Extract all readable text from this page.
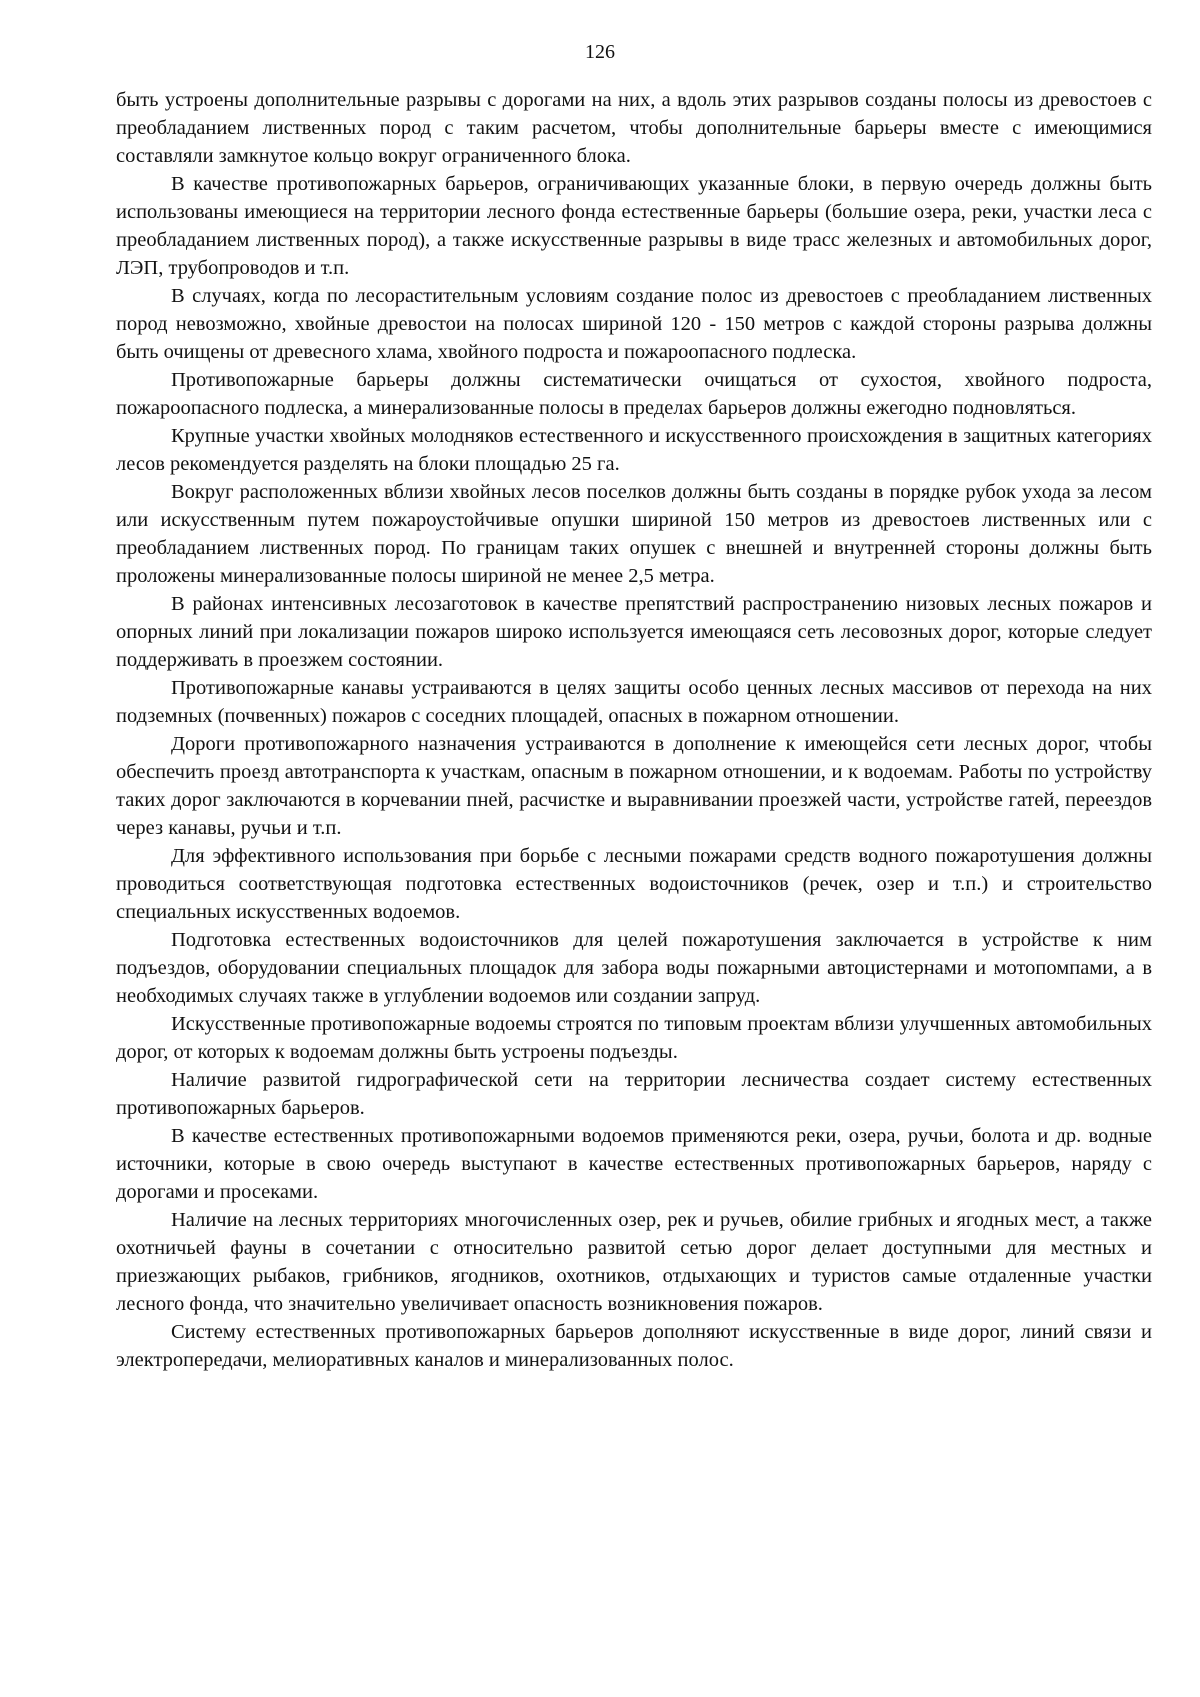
126

быть устроены дополнительные разрывы с дорогами на них, а вдоль этих разрывов созданы полосы из древостоев с преобладанием лиственных пород с таким расчетом, чтобы дополнительные барьеры вместе с имеющимися составляли замкнутое кольцо вокруг ограниченного блока.

В качестве противопожарных барьеров, ограничивающих указанные блоки, в первую очередь должны быть использованы имеющиеся на территории лесного фонда естественные барьеры (большие озера, реки, участки леса с преобладанием лиственных пород), а также искусственные разрывы в виде трасс железных и автомобильных дорог, ЛЭП, трубопроводов и т.п.

В случаях, когда по лесорастительным условиям создание полос из древостоев с преобладанием лиственных пород невозможно, хвойные древостои на полосах шириной 120 - 150 метров с каждой стороны разрыва должны быть очищены от древесного хлама, хвойного подроста и пожароопасного подлеска.

Противопожарные барьеры должны систематически очищаться от сухостоя, хвойного подроста, пожароопасного подлеска, а минерализованные полосы в пределах барьеров должны ежегодно подновляться.

Крупные участки хвойных молодняков естественного и искусственного происхождения в защитных категориях лесов рекомендуется разделять на блоки площадью 25 га.

Вокруг расположенных вблизи хвойных лесов поселков должны быть созданы в порядке рубок ухода за лесом или искусственным путем пожароустойчивые опушки шириной 150 метров из древостоев лиственных или с преобладанием лиственных пород. По границам таких опушек с внешней и внутренней стороны должны быть проложены минерализованные полосы шириной не менее 2,5 метра.

В районах интенсивных лесозаготовок в качестве препятствий распространению низовых лесных пожаров и опорных линий при локализации пожаров широко используется имеющаяся сеть лесовозных дорог, которые следует поддерживать в проезжем состоянии.

Противопожарные канавы устраиваются в целях защиты особо ценных лесных массивов от перехода на них подземных (почвенных) пожаров с соседних площадей, опасных в пожарном отношении.

Дороги противопожарного назначения устраиваются в дополнение к имеющейся сети лесных дорог, чтобы обеспечить проезд автотранспорта к участкам, опасным в пожарном отношении, и к водоемам. Работы по устройству таких дорог заключаются в корчевании пней, расчистке и выравнивании проезжей части, устройстве гатей, переездов через канавы, ручьи и т.п.

Для эффективного использования при борьбе с лесными пожарами средств водного пожаротушения должны проводиться соответствующая подготовка естественных водоисточников (речек, озер и т.п.) и строительство специальных искусственных водоемов.

Подготовка естественных водоисточников для целей пожаротушения заключается в устройстве к ним подъездов, оборудовании специальных площадок для забора воды пожарными автоцистернами и мотопомпами, а в необходимых случаях также в углублении водоемов или создании запруд.

Искусственные противопожарные водоемы строятся по типовым проектам вблизи улучшенных автомобильных дорог, от которых к водоемам должны быть устроены подъезды.

Наличие развитой гидрографической сети на территории лесничества создает систему естественных противопожарных барьеров.

В качестве естественных противопожарными водоемов применяются реки, озера, ручьи, болота и др. водные источники, которые в свою очередь выступают в качестве естественных противопожарных барьеров, наряду с дорогами и просеками.

Наличие на лесных территориях многочисленных озер, рек и ручьев, обилие грибных и ягодных мест, а также охотничьей фауны в сочетании с относительно развитой сетью дорог делает доступными для местных и приезжающих рыбаков, грибников, ягодников, охотников, отдыхающих и туристов самые отдаленные участки лесного фонда, что значительно увеличивает опасность возникновения пожаров.

Систему естественных противопожарных барьеров дополняют искусственные в виде дорог, линий связи и электропередачи, мелиоративных каналов и минерализованных полос.
